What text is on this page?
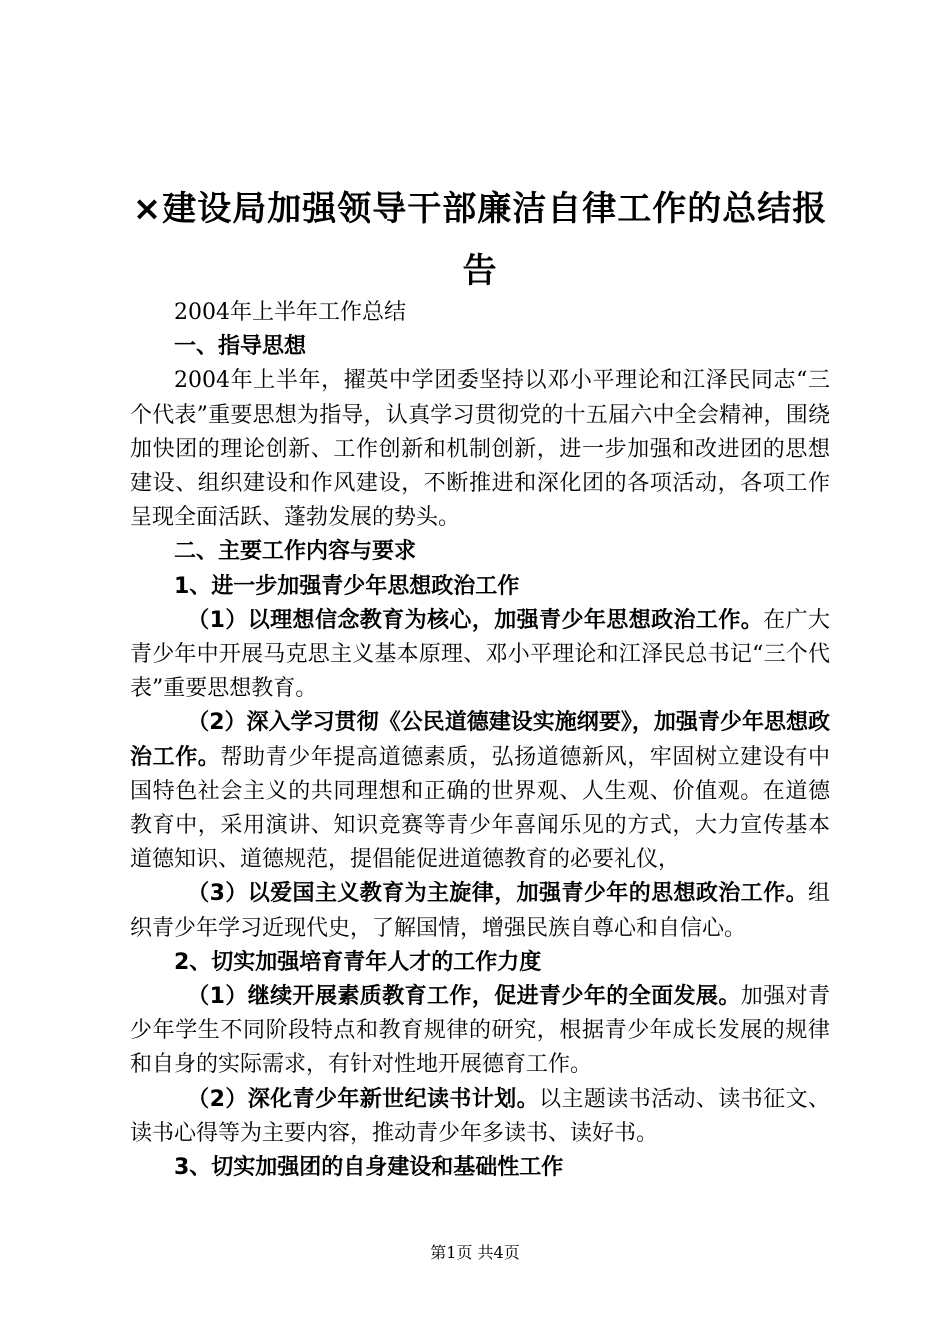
×建设局加强领导干部廉洁自律工作的总结报告

2004年上半年工作总结

一、指导思想

2004年上半年，擢英中学团委坚持以邓小平理论和江泽民同志“三个代表”重要思想为指导，认真学习贯彻党的十五届六中全会精神，围绕加快团的理论创新、工作创新和机制创新，进一步加强和改进团的思想建设、组织建设和作风建设，不断推进和深化团的各项活动，各项工作呈现全面活跃、蓬勃发展的势头。

二、主要工作内容与要求

1、进一步加强青少年思想政治工作

（1）以理想信念教育为核心，加强青少年思想政治工作。在广大青少年中开展马克思主义基本原理、邓小平理论和江泽民总书记“三个代表”重要思想教育。

（2）深入学习贯彻《公民道德建设实施纲要》，加强青少年思想政治工作。帮助青少年提高道德素质，弘扬道德新风，牢固树立建设有中国特色社会主义的共同理想和正确的世界观、人生观、价值观。在道德教育中，采用演讲、知识竞赛等青少年喜闻乐见的方式，大力宣传基本道德知识、道德规范，提倡能促进道德教育的必要礼仪，

（3）以爱国主义教育为主旋律，加强青少年的思想政治工作。组织青少年学习近现代史，了解国情，增强民族自尊心和自信心。

2、切实加强培育青年人才的工作力度

（1）继续开展素质教育工作，促进青少年的全面发展。加强对青少年学生不同阶段特点和教育规律的研究，根据青少年成长发展的规律和自身的实际需求，有针对性地开展德育工作。

（2）深化青少年新世纪读书计划。以主题读书活动、读书征文、读书心得等为主要内容，推动青少年多读书、读好书。

3、切实加强团的自身建设和基础性工作

第1页 共4页
